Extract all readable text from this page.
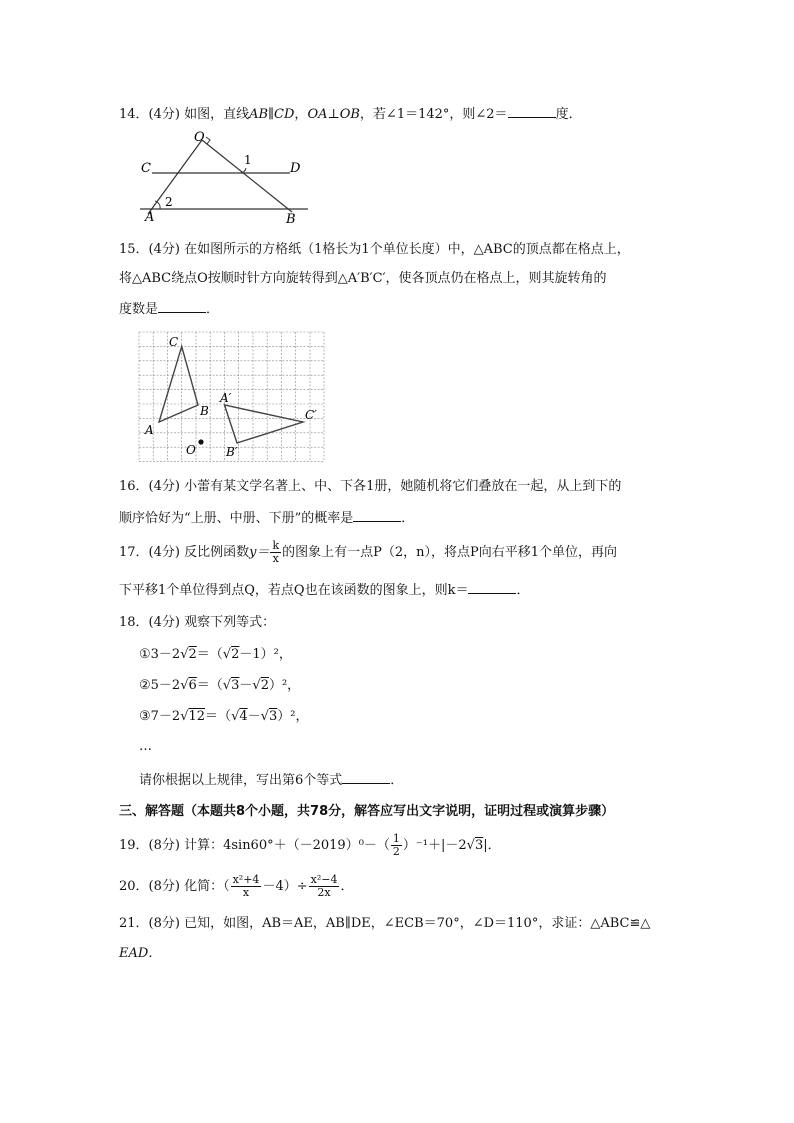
14．(4分) 如图，直线AB∥CD，OA⊥OB，若∠1＝142°，则∠2＝	度．
O
C	D
A	B
1
2
15．(4分) 在如图所示的方格纸（1格长为1个单位长度）中，△ABC的顶点都在格点上，
将△ABC绕点O按顺时针方向旋转得到△A′B′C′，使各顶点仍在格点上，则其旋转角的
度数是	．
C
A
B
O
A′
B′
C′
16．(4分) 小蕾有某文学名著上、中、下各1册，她随机将它们叠放在一起，从上到下的
顺序恰好为“上册、中册、下册”的概率是	．
17．(4分) 反比例函数$y= \frac{k}{x}$ 的图象上有一点P（2，n），将点P向右平移1个单位，再向
下平移1个单位得到点Q，若点Q也在该函数的图象上，则k＝	．
18．(4分) 观察下列等式：
①3－2√2＝（√2－1）²，
②5－2√6＝（√3－√2）²，
③7－2√12＝（√4－√3）²，
…
请你根据以上规律，写出第6个等式	．
三、解答题（本题共8个小题，共78分，解答应写出文字说明，证明过程或演算步骤）
19．(8分) 计算：$4\sin 60^\circ+(-2019)^0-( \frac{1}{2} )^{-1}+|-2√3|$．
20．(8分) 化简：（ $\frac{\text{x²+4}}{x} -4)\div \frac{\text{x²−4}}{2x}$ ．
21．(8分) 已知，如图，AB＝AE，AB∥DE，∠ECB＝70°，∠D＝110°，求证：△ABC≌△
EAD．
